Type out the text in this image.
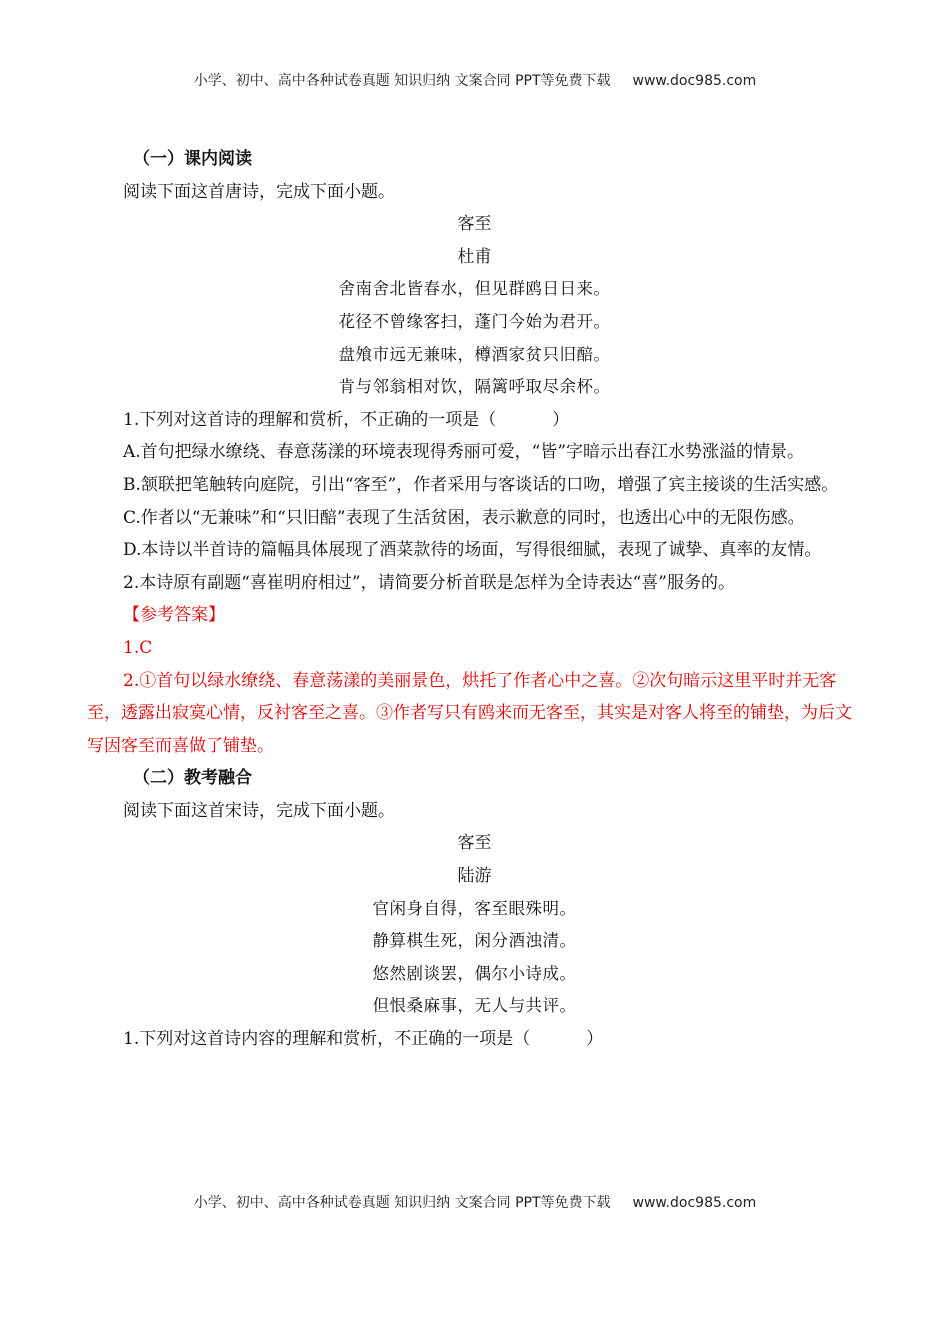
小学、初中、高中各种试卷真题 知识归纳 文案合同 PPT等免费下载 www.doc985.com

（一）课内阅读

阅读下面这首唐诗，完成下面小题。

客至

杜甫

舍南舍北皆春水，但见群鸥日日来。

花径不曾缘客扫，蓬门今始为君开。

盘飧市远无兼味，樽酒家贫只旧醅。

肯与邻翁相对饮，隔篱呼取尽余杯。

1.下列对这首诗的理解和赏析，不正确的一项是（	）

A.首句把绿水缭绕、春意荡漾的环境表现得秀丽可爱，“皆”字暗示出春江水势涨溢的情景。

B.颔联把笔触转向庭院，引出“客至”，作者采用与客谈话的口吻，增强了宾主接谈的生活实感。

C.作者以“无兼味”和“只旧醅”表现了生活贫困，表示歉意的同时，也透出心中的无限伤感。

D.本诗以半首诗的篇幅具体展现了酒菜款待的场面，写得很细腻，表现了诚挚、真率的友情。

2.本诗原有副题“喜崔明府相过”，请简要分析首联是怎样为全诗表达“喜”服务的。

【参考答案】

1.C

2.①首句以绿水缭绕、春意荡漾的美丽景色，烘托了作者心中之喜。②次句暗示这里平时并无客至，透露出寂寞心情，反衬客至之喜。③作者写只有鸥来而无客至，其实是对客人将至的铺垫，为后文写因客至而喜做了铺垫。

（二）教考融合

阅读下面这首宋诗，完成下面小题。

客至

陆游

官闲身自得，客至眼殊明。

静算棋生死，闲分酒浊清。

悠然剧谈罢，偶尔小诗成。

但恨桑麻事，无人与共评。

1.下列对这首诗内容的理解和赏析，不正确的一项是（	）

小学、初中、高中各种试卷真题 知识归纳 文案合同 PPT等免费下载 www.doc985.com
